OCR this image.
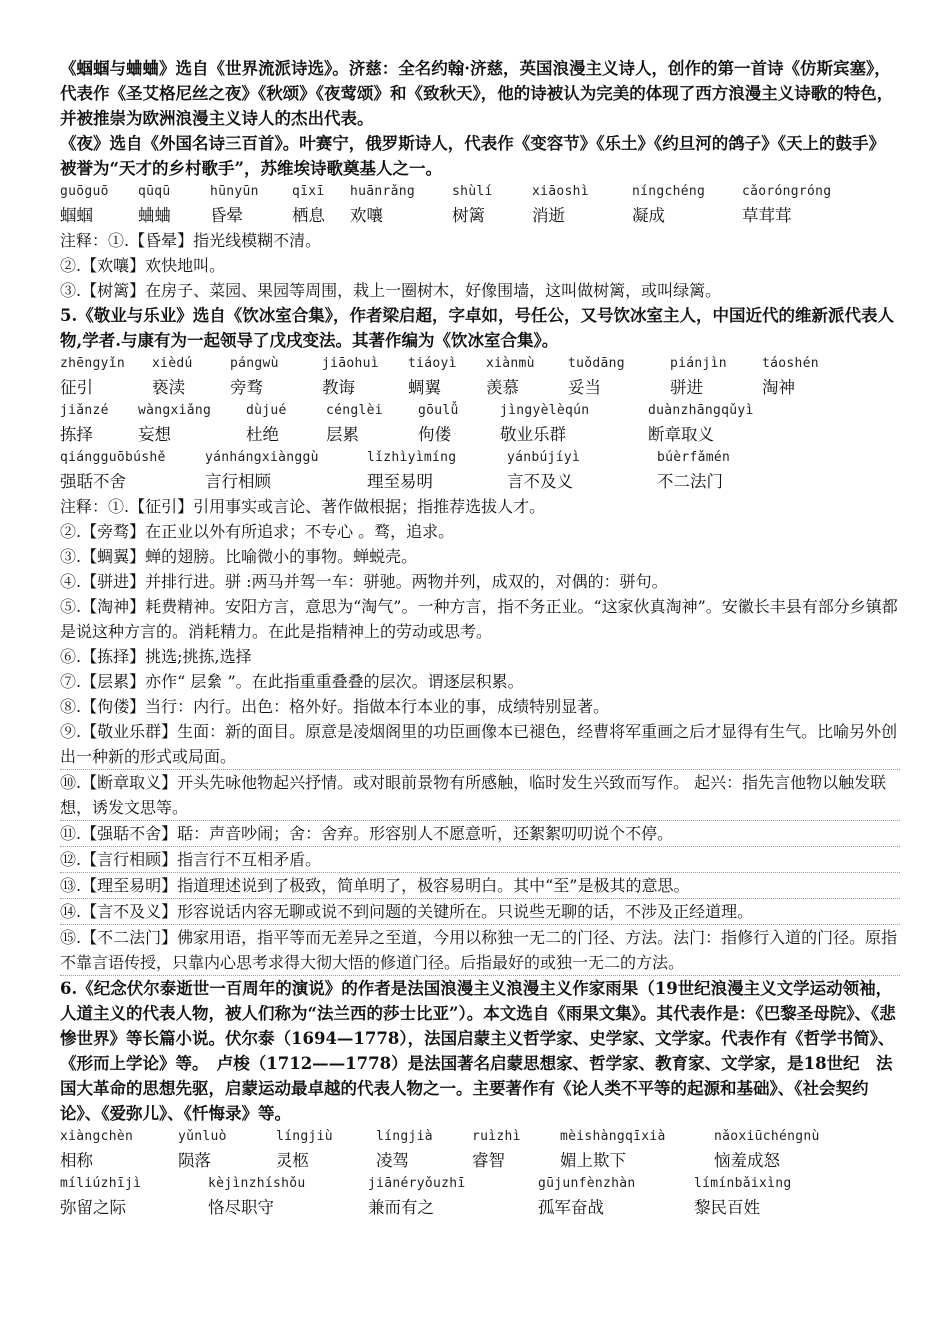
《蝈蝈与蛐蛐》选自《世界流派诗选》。济慈：全名约翰·济慈，英国浪漫主义诗人，创作的第一首诗《仿斯宾塞》，代表作《圣艾格尼丝之夜》《秋颂》《夜莺颂》和《致秋天》，他的诗被认为完美的体现了西方浪漫主义诗歌的特色，并被推崇为欧洲浪漫主义诗人的杰出代表。

《夜》选自《外国名诗三百首》。叶赛宁，俄罗斯诗人，代表作《变容节》《乐土》《约旦河的鸽子》《天上的鼓手》被誉为“天才的乡村歌手”，苏维埃诗歌奠基人之一。

guōguō	qūqū	hūnyūn	qīxī	huānrǎng	shùlí	xiāoshì	níngchéng	cǎoróngróng
蝈蝈	蛐蛐	昏晕	栖息	欢嚷	树篱	消逝	凝成	草茸茸

注释：①.【昏晕】指光线模糊不清。

②.【欢嚷】欢快地叫。

③.【树篱】在房子、菜园、果园等周围，栽上一圈树木，好像围墙，这叫做树篱，或叫绿篱。

5.《敬业与乐业》选自《饮冰室合集》，作者梁启超，字卓如，号任公，又号饮冰室主人，中国近代的维新派代表人物,学者.与康有为一起领导了戊戌变法。其著作编为《饮冰室合集》。

zhēngyǐn	xièdú	pángwù	jiāohuì	tiáoyì	xiànmù	tuǒdāng	piánjìn	táoshén
征引	亵渎	旁骛	教诲	蜩翼	羡慕	妥当	骈进	淘神
jiǎnzé	wàngxiǎng	dùjué	cénglèi	gōulǚ	jìngyèlèqún	duànzhāngqǔyì
拣择	妄想	杜绝	层累	佝偻	敬业乐群	断章取义
qiángguōbúshě	yánhángxiànggù	lǐzhìyìmíng	yánbújíyì	búèrfǎmén
强聒不舍	言行相顾	理至易明	言不及义	不二法门

注释：①.【征引】引用事实或言论、著作做根据；指推荐选拔人才。

②.【旁骛】在正业以外有所追求；不专心 。骛，追求。

③.【蜩翼】蝉的翅膀。比喻微小的事物。蝉蜕壳。

④.【骈进】并排行进。骈 :两马并驾一车：骈驰。两物并列，成双的，对偶的：骈句。

⑤.【淘神】耗费精神。安阳方言，意思为“淘气”。一种方言，指不务正业。“这家伙真淘神”。安徽长丰县有部分乡镇都是说这种方言的。消耗精力。在此是指精神上的劳动或思考。

⑥.【拣择】挑选;挑拣,选择

⑦.【层累】亦作“ 层絫 ”。在此指重重叠叠的层次。谓逐层积累。

⑧.【佝偻】当行：内行。出色：格外好。指做本行本业的事，成绩特别显著。

⑨.【敬业乐群】生面：新的面目。原意是凌烟阁里的功臣画像本已褪色，经曹将军重画之后才显得有生气。比喻另外创出一种新的形式或局面。

⑩.【断章取义】开头先咏他物起兴抒情。或对眼前景物有所感触，临时发生兴致而写作。 起兴：指先言他物以触发联想，诱发文思等。

⑪.【强聒不舍】聒：声音吵闹；舍：舍弃。形容别人不愿意听，还絮絮叨叨说个不停。

⑫.【言行相顾】指言行不互相矛盾。

⑬.【理至易明】指道理述说到了极致，简单明了，极容易明白。其中“至”是极其的意思。

⑭.【言不及义】形容说话内容无聊或说不到问题的关键所在。只说些无聊的话，不涉及正经道理。

⑮.【不二法门】佛家用语，指平等而无差异之至道，今用以称独一无二的门径、方法。法门：指修行入道的门径。原指不靠言语传授，只靠内心思考求得大彻大悟的修道门径。后指最好的或独一无二的方法。

6.《纪念伏尔泰逝世一百周年的演说》的作者是法国浪漫主义浪漫主义作家雨果（19世纪浪漫主义文学运动领袖，人道主义的代表人物，被人们称为“法兰西的莎士比亚”）。本文选自《雨果文集》。其代表作是：《巴黎圣母院》、《悲惨世界》等长篇小说。伏尔泰（1694—1778），法国启蒙主义哲学家、史学家、文学家。代表作有《哲学书简》、《形而上学论》等。　卢梭（1712——1778）是法国著名启蒙思想家、哲学家、教育家、文学家，是18世纪　法国大革命的思想先驱，启蒙运动最卓越的代表人物之一。主要著作有《论人类不平等的起源和基础》、《社会契约论》、《爱弥儿》、《忏悔录》等。

xiàngchèn	yǔnluò	língjiù	língjià	ruìzhì	mèishàngqīxià	nǎoxiūchéngnù
相称	陨落	灵柩	凌驾	睿智	媚上欺下	恼羞成怒
míliúzhījì	kèjìnzhíshǒu	jiānéryǒuzhī	gūjunfènzhàn	límínbǎixìng
弥留之际	恪尽职守	兼而有之	孤军奋战	黎民百姓
